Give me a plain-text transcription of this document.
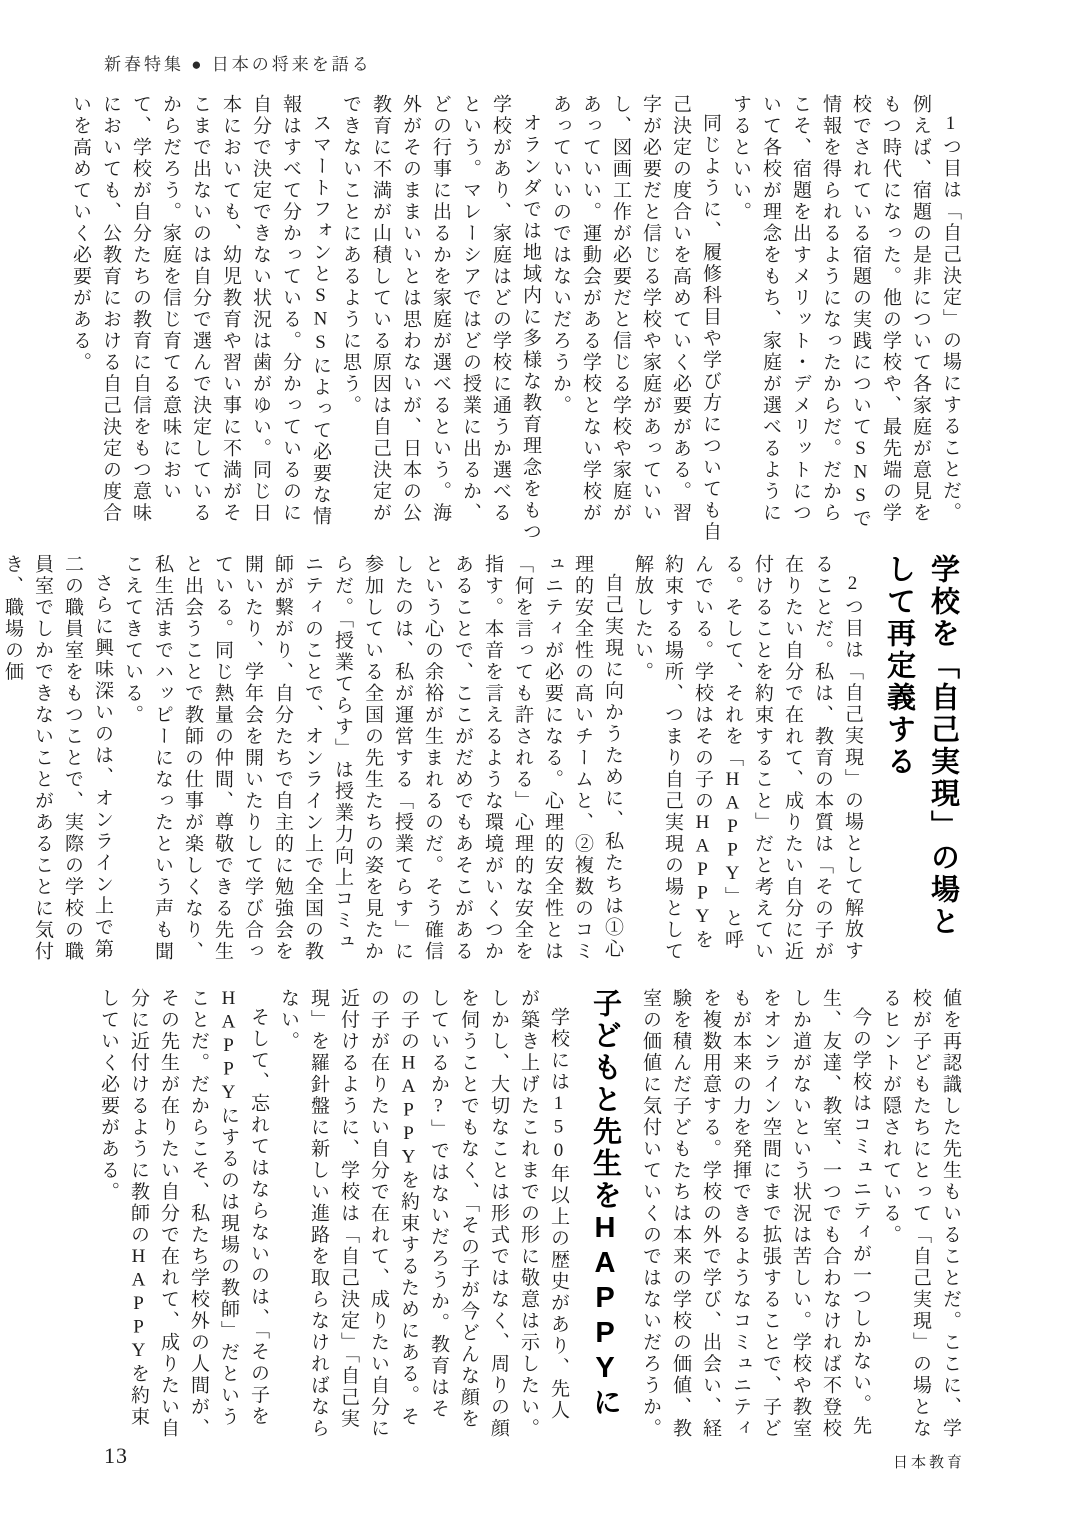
新春特集 ● 日本の将来を語る

1つ目は「自己決定」の場にすることだ。例えば、宿題の是非について各家庭が意見をもつ時代になった。他の学校や、最先端の学校でされている宿題の実践についてSNSで情報を得られるようになったからだ。だからこそ、宿題を出すメリット・デメリットについて各校が理念をもち、家庭が選べるようにするといい。

同じように、履修科目や学び方についても自己決定の度合いを高めていく必要がある。習字が必要だと信じる学校や家庭があっていいし、図画工作が必要だと信じる学校や家庭があっていい。運動会がある学校とない学校があっていいのではないだろうか。

オランダでは地域内に多様な教育理念をもつ学校があり、家庭はどの学校に通うか選べるという。マレーシアではどの授業に出るか、どの行事に出るかを家庭が選べるという。海外がそのままいいとは思わないが、日本の公教育に不満が山積している原因は自己決定ができないことにあるように思う。

スマートフォンとSNSによって必要な情報はすべて分かっている。分かっているのに自分で決定できない状況は歯がゆい。同じ日本においても、幼児教育や習い事に不満がそこまで出ないのは自分で選んで決定しているからだろう。家庭を信じ育てる意味において、学校が自分たちの教育に自信をもつ意味においても、公教育における自己決定の度合いを高めていく必要がある。

学校を「自己実現」の場として再定義する

2つ目は「自己実現」の場として解放することだ。私は、教育の本質は「その子が在りたい自分で在れて、成りたい自分に近付けることを約束すること」だと考えている。そして、それを「HAPPY」と呼んでいる。学校はその子のHAPPYを約束する場所、つまり自己実現の場として解放したい。

自己実現に向かうために、私たちは①心理的安全性の高いチームと、②複数のコミュニティが必要になる。心理的安全性とは「何を言っても許される」心理的な安全を指す。本音を言えるような環境がいくつかあることで、ここがだめでもあそこがあるという心の余裕が生まれるのだ。そう確信したのは、私が運営する「授業てらす」に参加している全国の先生たちの姿を見たからだ。「授業てらす」は授業力向上コミュニティのことで、オンライン上で全国の教師が繋がり、自分たちで自主的に勉強会を開いたり、学年会を開いたりして学び合っている。同じ熱量の仲間、尊敬できる先生と出会うことで教師の仕事が楽しくなり、私生活までハッピーになったという声も聞こえてきている。

さらに興味深いのは、オンライン上で第二の職員室をもつことで、実際の学校の職員室でしかできないことがあることに気付き、職場の価

値を再認識した先生もいることだ。ここに、学校が子どもたちにとって「自己実現」の場となるヒントが隠されている。

今の学校はコミュニティが一つしかない。先生、友達、教室、一つでも合わなければ不登校しか道がないという状況は苦しい。学校や教室をオンライン空間にまで拡張することで、子どもが本来の力を発揮できるようなコミュニティを複数用意する。学校の外で学び、出会い、経験を積んだ子どもたちは本来の学校の価値、教室の価値に気付いていくのではないだろうか。

子どもと先生をHAPPYに

学校には150年以上の歴史があり、先人が築き上げたこれまでの形に敬意は示したい。しかし、大切なことは形式ではなく、周りの顔を伺うことでもなく、「その子が今どんな顔をしているか?」ではないだろうか。教育はその子のHAPPYを約束するためにある。その子が在りたい自分で在れて、成りたい自分に近付けるように、学校は「自己決定」「自己実現」を羅針盤に新しい進路を取らなければならない。

そして、忘れてはならないのは、「その子をHAPPYにするのは現場の教師」だということだ。だからこそ、私たち学校外の人間が、その先生が在りたい自分で在れて、成りたい自分に近付けるように教師のHAPPYを約束していく必要がある。

13	日本教育
